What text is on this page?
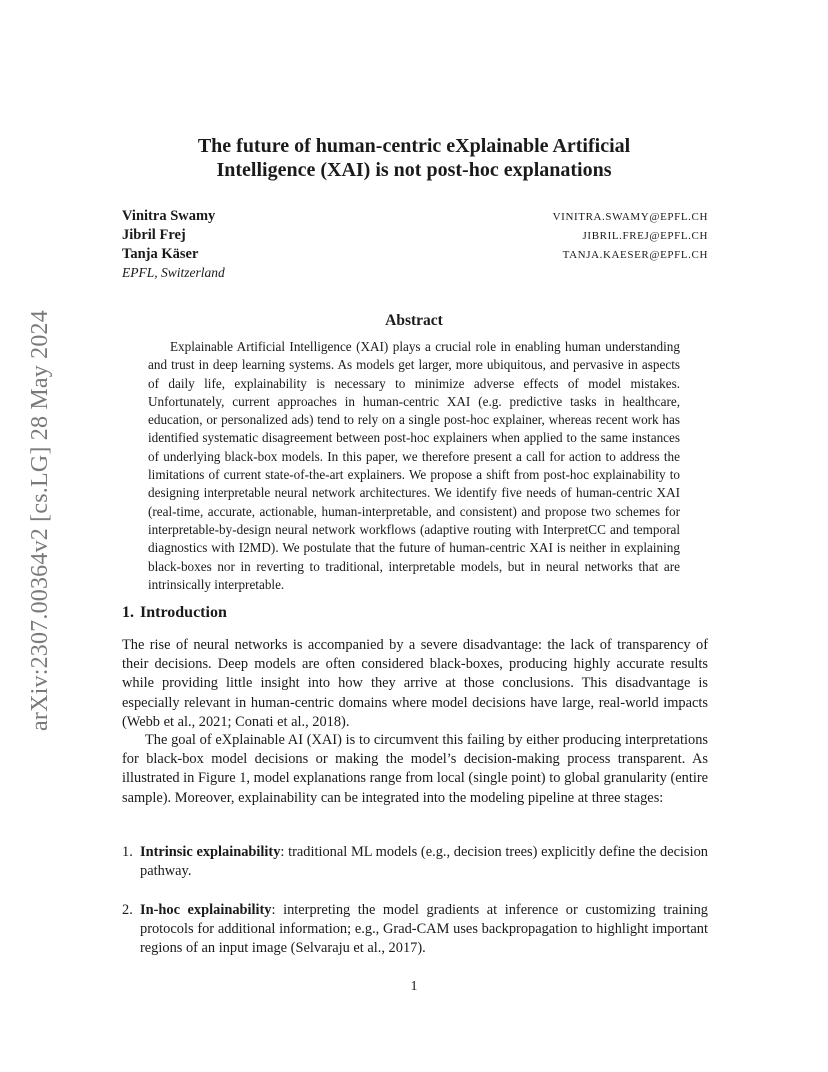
arXiv:2307.00364v2 [cs.LG] 28 May 2024
The future of human-centric eXplainable Artificial
Intelligence (XAI) is not post-hoc explanations
Vinitra Swamy	VINITRA.SWAMY@EPFL.CH
Jibril Frej	JIBRIL.FREJ@EPFL.CH
Tanja Käser	TANJA.KAESER@EPFL.CH
EPFL, Switzerland
Abstract

Explainable Artificial Intelligence (XAI) plays a crucial role in enabling human understanding and trust in deep learning systems. As models get larger, more ubiquitous, and pervasive in aspects of daily life, explainability is necessary to minimize adverse effects of model mistakes. Unfortunately, current approaches in human-centric XAI (e.g. predictive tasks in healthcare, education, or personalized ads) tend to rely on a single post-hoc explainer, whereas recent work has identified systematic disagreement between post-hoc explainers when applied to the same instances of underlying black-box models. In this paper, we therefore present a call for action to address the limitations of current state-of-the-art explainers. We propose a shift from post-hoc explainability to designing interpretable neural network architectures. We identify five needs of human-centric XAI (real-time, accurate, actionable, human-interpretable, and consistent) and propose two schemes for interpretable-by-design neural network workflows (adaptive routing with InterpretCC and temporal diagnostics with I2MD). We postulate that the future of human-centric XAI is neither in explaining black-boxes nor in reverting to traditional, interpretable models, but in neural networks that are intrinsically interpretable.

1. Introduction

The rise of neural networks is accompanied by a severe disadvantage: the lack of transparency of their decisions. Deep models are often considered black-boxes, producing highly accurate results while providing little insight into how they arrive at those conclusions. This disadvantage is especially relevant in human-centric domains where model decisions have large, real-world impacts (Webb et al., 2021; Conati et al., 2018).

The goal of eXplainable AI (XAI) is to circumvent this failing by either producing interpretations for black-box model decisions or making the model’s decision-making process transparent. As illustrated in Figure 1, model explanations range from local (single point) to global granularity (entire sample). Moreover, explainability can be integrated into the modeling pipeline at three stages:

1. Intrinsic explainability: traditional ML models (e.g., decision trees) explicitly define the decision pathway.
2. In-hoc explainability: interpreting the model gradients at inference or customizing training protocols for additional information; e.g., Grad-CAM uses backpropagation to highlight important regions of an input image (Selvaraju et al., 2017).
1
